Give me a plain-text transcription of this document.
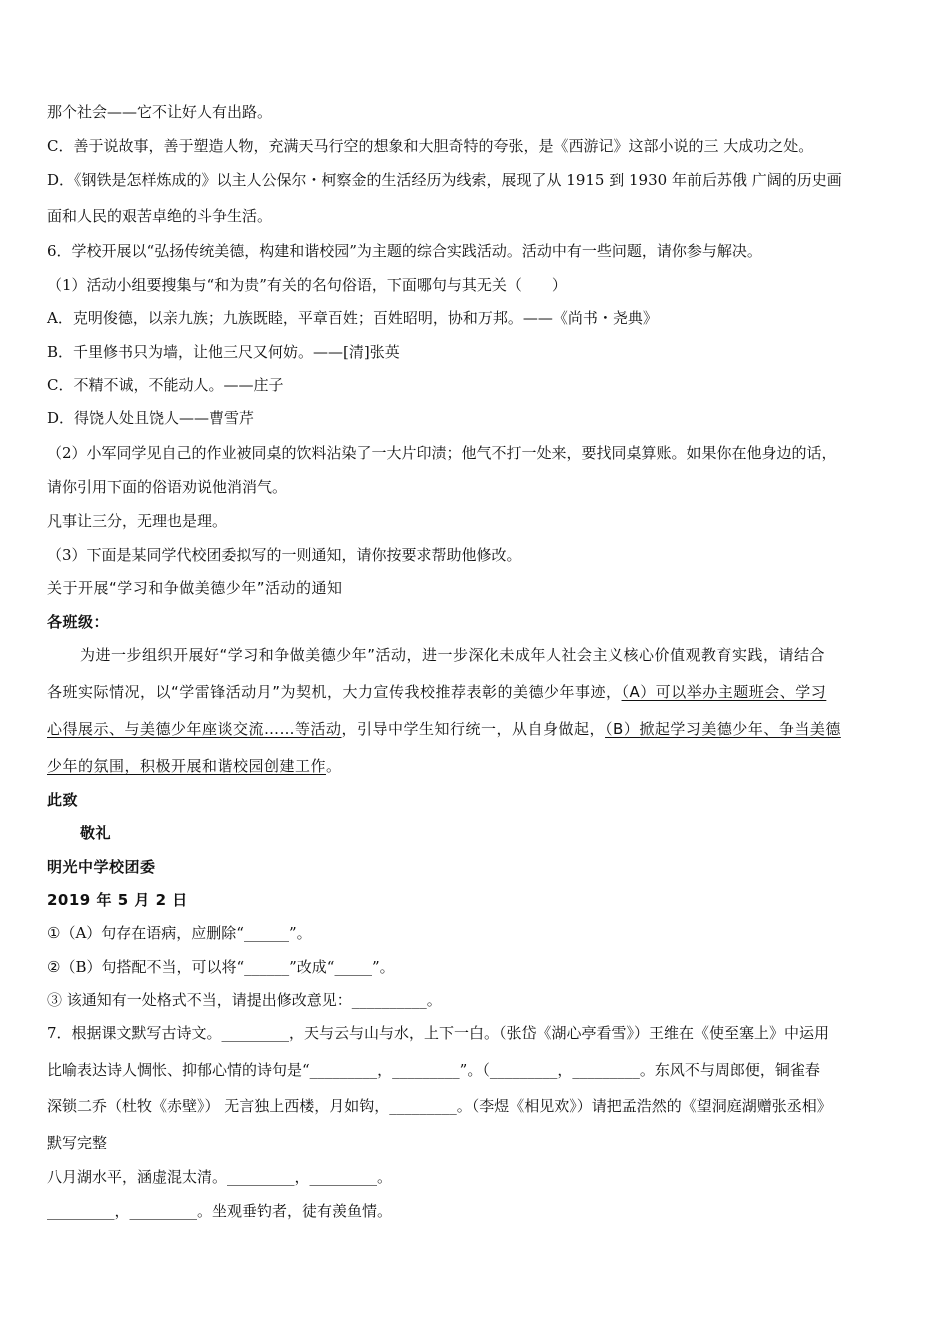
那个社会——它不让好人有出路。
C．善于说故事，善于塑造人物，充满天马行空的想象和大胆奇特的夸张，是《西游记》这部小说的三 大成功之处。
D．《钢铁是怎样炼成的》以主人公保尔・柯察金的生活经历为线索，展现了从 1915 到 1930 年前后苏俄 广阔的历史画
面和人民的艰苦卓绝的斗争生活。
6．学校开展以“弘扬传统美德，构建和谐校园”为主题的综合实践活动。活动中有一些问题，请你参与解决。
（1）活动小组要搜集与“和为贵”有关的名句俗语，下面哪句与其无关（　　）
A．克明俊德，以亲九族；九族既睦，平章百姓；百姓昭明，协和万邦。——《尚书・尧典》
B．千里修书只为墙，让他三尺又何妨。——[清]张英
C．不精不诚，不能动人。——庄子
D．得饶人处且饶人——曹雪芹
（2）小军同学见自己的作业被同桌的饮料沾染了一大片印渍；他气不打一处来，要找同桌算账。如果你在他身边的话，
请你引用下面的俗语劝说他消消气。
凡事让三分，无理也是理。
（3）下面是某同学代校团委拟写的一则通知，请你按要求帮助他修改。
关于开展“学习和争做美德少年”活动的通知
各班级：
为进一步组织开展好“学习和争做美德少年”活动，进一步深化未成年人社会主义核心价值观教育实践，请结合
各班实际情况，以“学雷锋活动月”为契机，大力宣传我校推荐表彰的美德少年事迹，（A）可以举办主题班会、学习
心得展示、与美德少年座谈交流……等活动，引导中学生知行统一，从自身做起，（B）掀起学习美德少年、争当美德
少年的氛围，积极开展和谐校园创建工作。
此致
敬礼
明光中学校团委
2019 年 5 月 2 日
①（A）句存在语病，应删除“______”。
②（B）句搭配不当，可以将“______”改成“_____”。
③ 该通知有一处格式不当，请提出修改意见：__________。
7．根据课文默写古诗文。_________，天与云与山与水，上下一白。（张岱《湖心亭看雪》）王维在《使至塞上》中运用
比喻表达诗人惆怅、抑郁心情的诗句是“_________，_________”。（_________，_________。东风不与周郎便，铜雀春
深锁二乔（杜牧《赤壁》） 无言独上西楼，月如钩，_________。（李煜《相见欢》）请把孟浩然的《望洞庭湖赠张丞相》
默写完整
八月湖水平，涵虚混太清。_________，_________。
_________，_________。坐观垂钓者，徒有羡鱼情。
